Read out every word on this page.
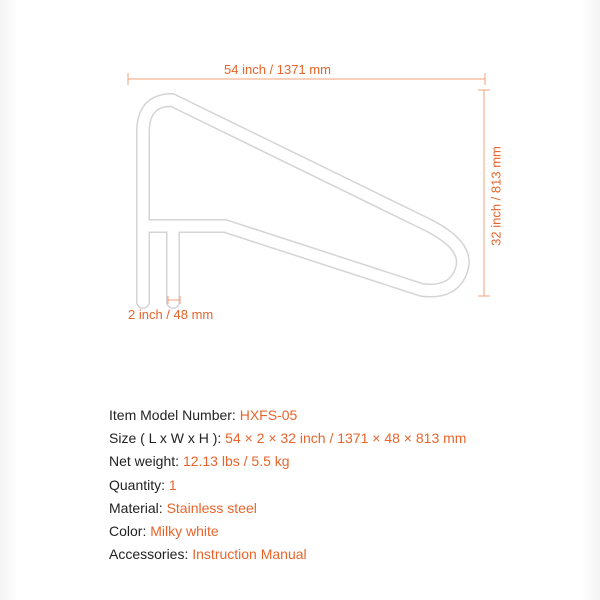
54 inch / 1371 mm
32 inch / 813 mm
2 inch / 48 mm
Item Model Number: HXFS-05
Size ( L x W x H ): 54 × 2 × 32 inch / 1371 × 48 × 813 mm
Net weight: 12.13 lbs / 5.5 kg
Quantity: 1
Material: Stainless steel
Color: Milky white
Accessories: Instruction Manual
